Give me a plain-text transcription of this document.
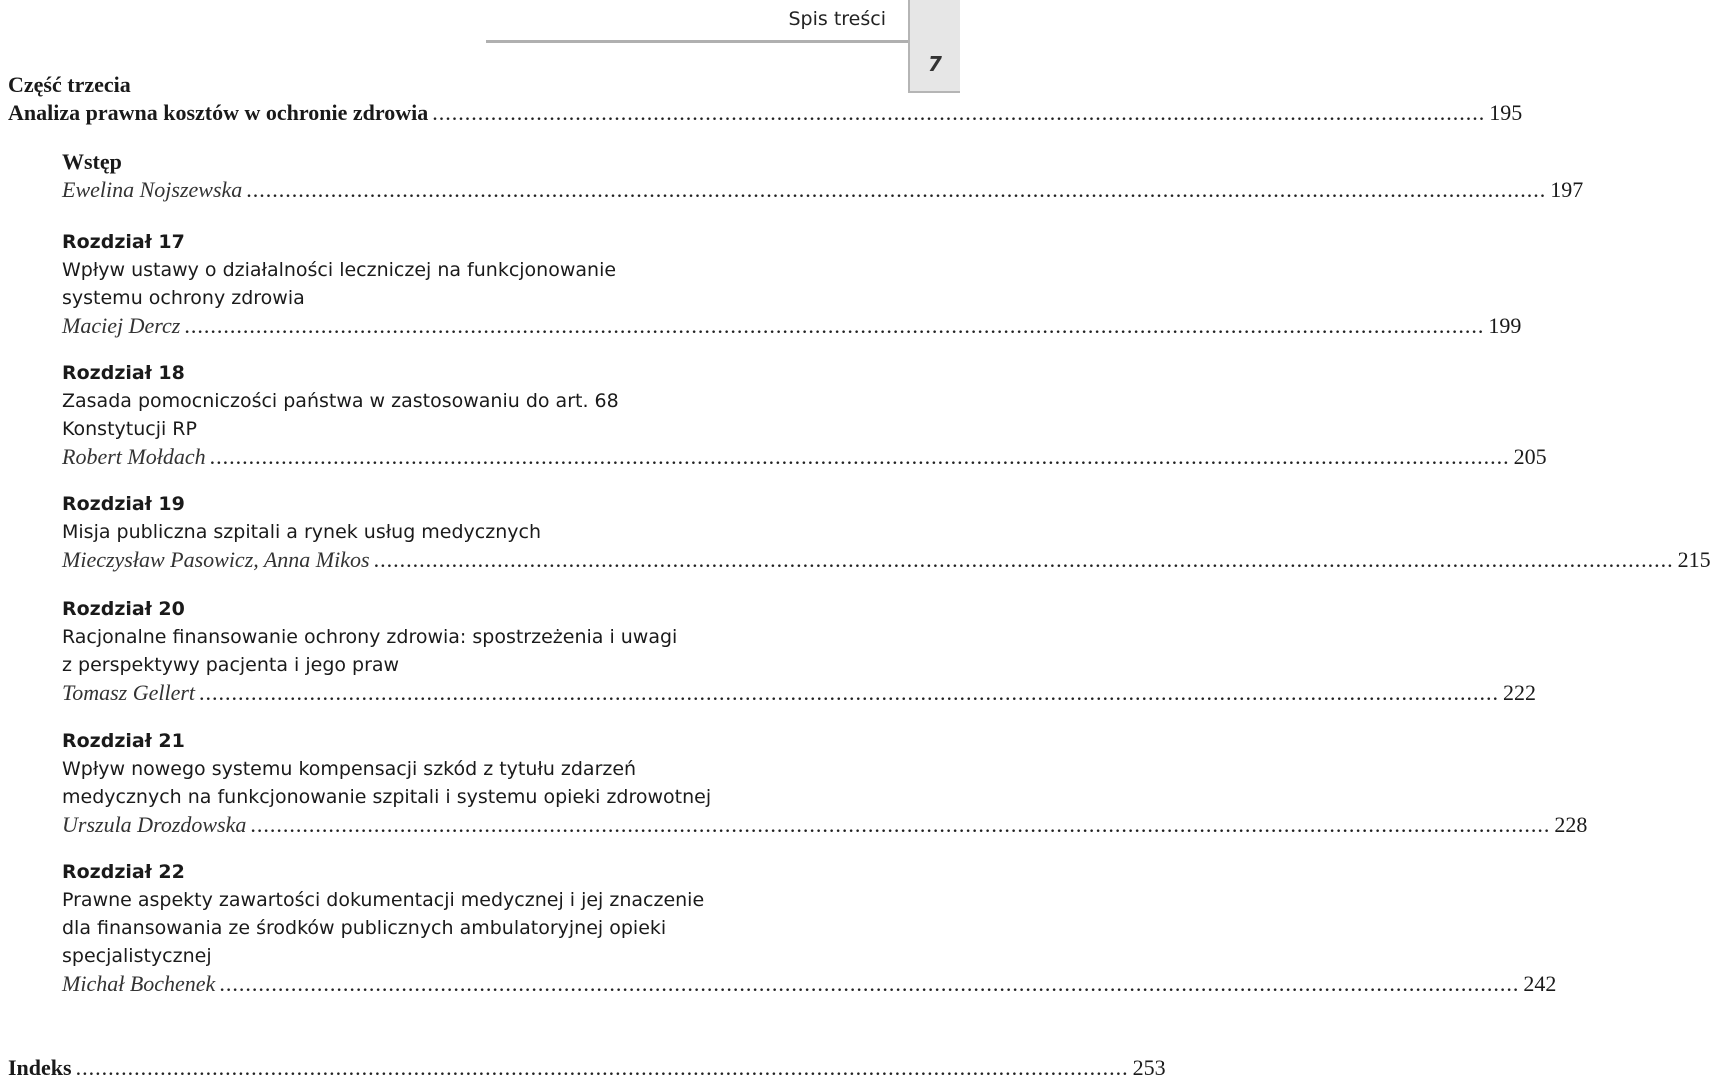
Spis treści
7
Część trzecia
Analiza prawna kosztów w ochronie zdrowia .................................................................................................................................................................. 195
Wstęp
Ewelina Nojszewska ........................................................................................................................................................................................................ 197
Rozdział 17
Wpływ ustawy o działalności leczniczej na funkcjonowanie
systemu ochrony zdrowia
Maciej Dercz ........................................................................................................................................................................................................ 199
Rozdział 18
Zasada pomocniczości państwa w zastosowaniu do art. 68
Konstytucji RP
Robert Mołdach ........................................................................................................................................................................................................ 205
Rozdział 19
Misja publiczna szpitali a rynek usług medycznych
Mieczysław Pasowicz, Anna Mikos ........................................................................................................................................................................................................ 215
Rozdział 20
Racjonalne finansowanie ochrony zdrowia: spostrzeżenia i uwagi
z perspektywy pacjenta i jego praw
Tomasz Gellert ........................................................................................................................................................................................................ 222
Rozdział 21
Wpływ nowego systemu kompensacji szkód z tytułu zdarzeń
medycznych na funkcjonowanie szpitali i systemu opieki zdrowotnej
Urszula Drozdowska ........................................................................................................................................................................................................ 228
Rozdział 22
Prawne aspekty zawartości dokumentacji medycznej i jej znaczenie
dla finansowania ze środków publicznych ambulatoryjnej opieki
specjalistycznej
Michał Bochenek ........................................................................................................................................................................................................ 242
Indeks .................................................................................................................................................................. 253
